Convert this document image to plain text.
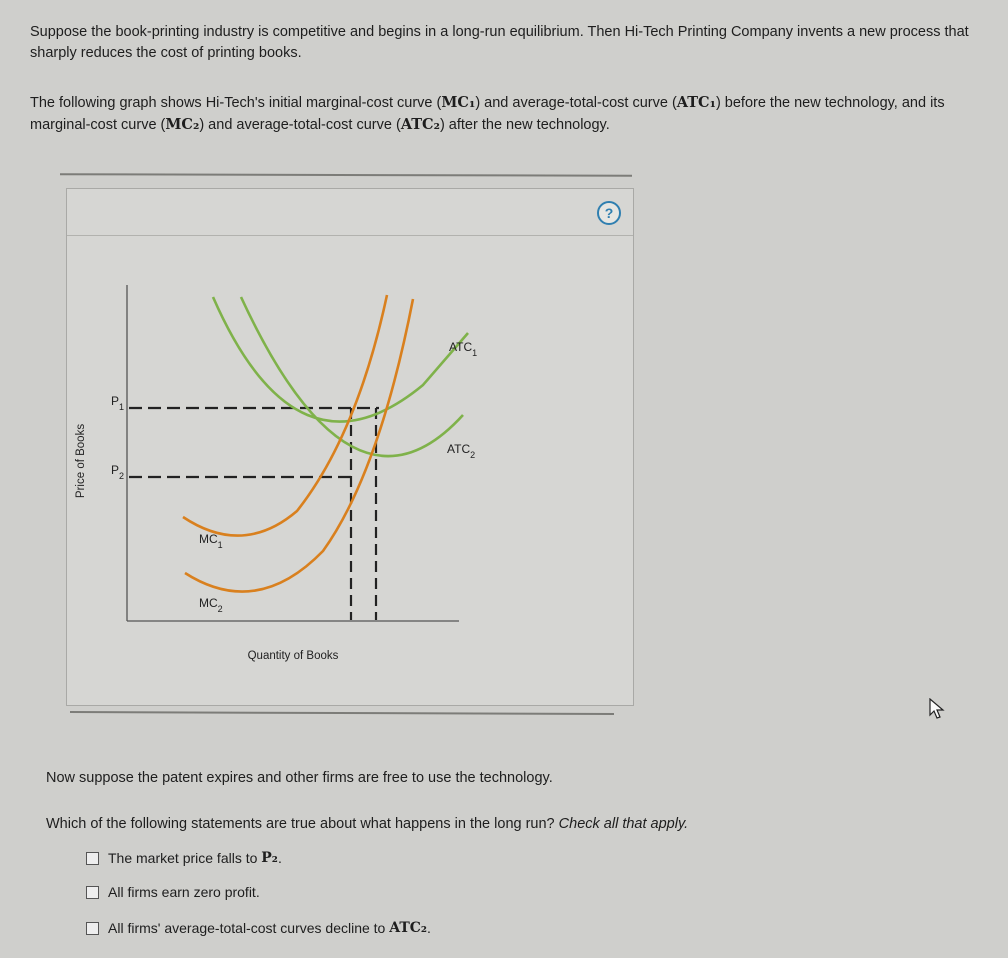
Suppose the book-printing industry is competitive and begins in a long-run equilibrium. Then Hi-Tech Printing Company invents a new process that sharply reduces the cost of printing books.
The following graph shows Hi-Tech's initial marginal-cost curve (MC₁) and average-total-cost curve (ATC₁) before the new technology, and its marginal-cost curve (MC₂) and average-total-cost curve (ATC₂) after the new technology.
?
$P_1$
$P_2$
$ATC_1$
$ATC_2$
$MC_1$
$MC_2$
Quantity of Books
Price of Books
Now suppose the patent expires and other firms are free to use the technology.
Which of the following statements are true about what happens in the long run? Check all that apply.
The market price falls to
P₂ .
All firms earn zero profit.
All firms' average-total-cost curves decline to
ATC₂ .
